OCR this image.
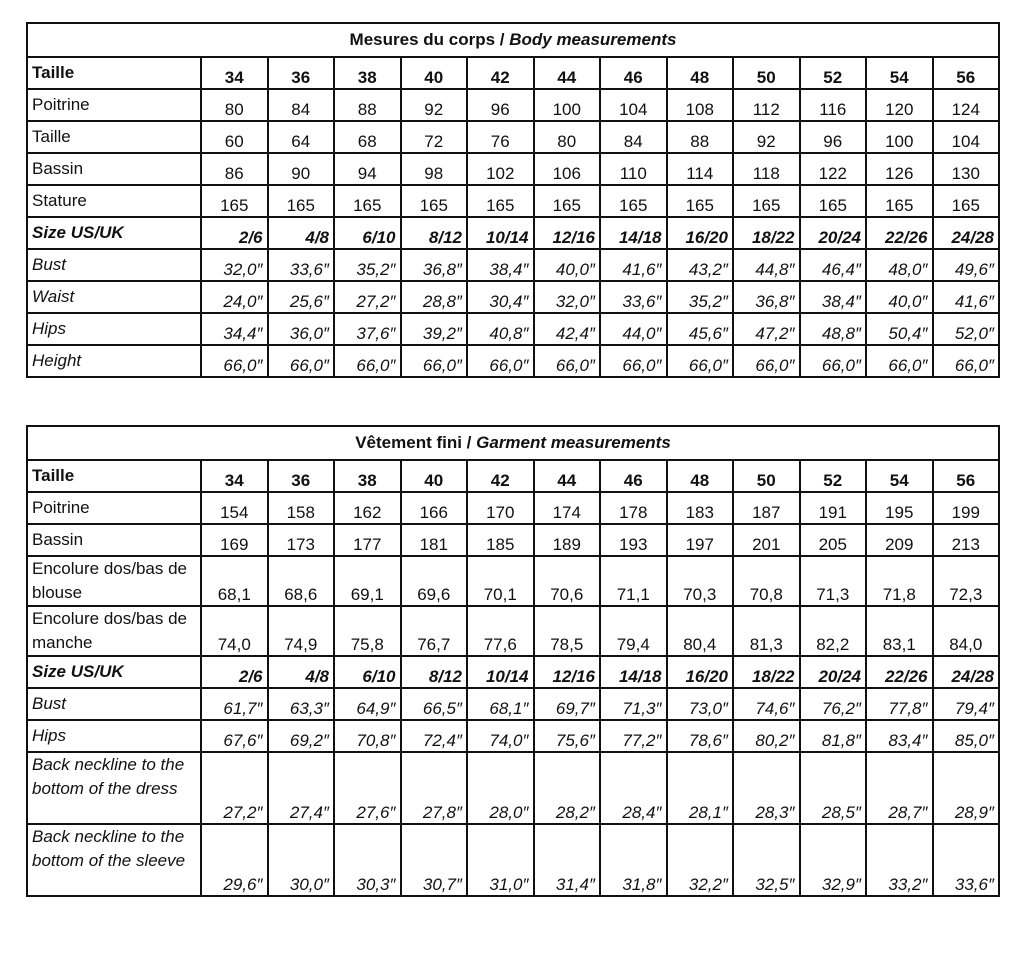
Mesures du corps / Body measurements												
Taille	34	36	38	40	42	44	46	48	50	52	54	56
Poitrine	80	84	88	92	96	100	104	108	112	116	120	124
Taille	60	64	68	72	76	80	84	88	92	96	100	104
Bassin	86	90	94	98	102	106	110	114	118	122	126	130
Stature	165	165	165	165	165	165	165	165	165	165	165	165
Size US/UK	2/6	4/8	6/10	8/12	10/14	12/16	14/18	16/20	18/22	20/24	22/26	24/28
Bust	32,0″	33,6″	35,2″	36,8″	38,4″	40,0″	41,6″	43,2″	44,8″	46,4″	48,0″	49,6″
Waist	24,0″	25,6″	27,2″	28,8″	30,4″	32,0″	33,6″	35,2″	36,8″	38,4″	40,0″	41,6″
Hips	34,4″	36,0″	37,6″	39,2″	40,8″	42,4″	44,0″	45,6″	47,2″	48,8″	50,4″	52,0″
Height	66,0″	66,0″	66,0″	66,0″	66,0″	66,0″	66,0″	66,0″	66,0″	66,0″	66,0″	66,0″
Vêtement fini / Garment measurements												
Taille	34	36	38	40	42	44	46	48	50	52	54	56
Poitrine	154	158	162	166	170	174	178	183	187	191	195	199
Bassin	169	173	177	181	185	189	193	197	201	205	209	213
Encolure dos/bas de blouse	68,1	68,6	69,1	69,6	70,1	70,6	71,1	70,3	70,8	71,3	71,8	72,3
Encolure dos/bas de manche	74,0	74,9	75,8	76,7	77,6	78,5	79,4	80,4	81,3	82,2	83,1	84,0
Size US/UK	2/6	4/8	6/10	8/12	10/14	12/16	14/18	16/20	18/22	20/24	22/26	24/28
Bust	61,7″	63,3″	64,9″	66,5″	68,1″	69,7″	71,3″	73,0″	74,6″	76,2″	77,8″	79,4″
Hips	67,6″	69,2″	70,8″	72,4″	74,0″	75,6″	77,2″	78,6″	80,2″	81,8″	83,4″	85,0″
Back neckline to the bottom of the dress	27,2″	27,4″	27,6″	27,8″	28,0″	28,2″	28,4″	28,1″	28,3″	28,5″	28,7″	28,9″
Back neckline to the bottom of the sleeve	29,6″	30,0″	30,3″	30,7″	31,0″	31,4″	31,8″	32,2″	32,5″	32,9″	33,2″	33,6″
